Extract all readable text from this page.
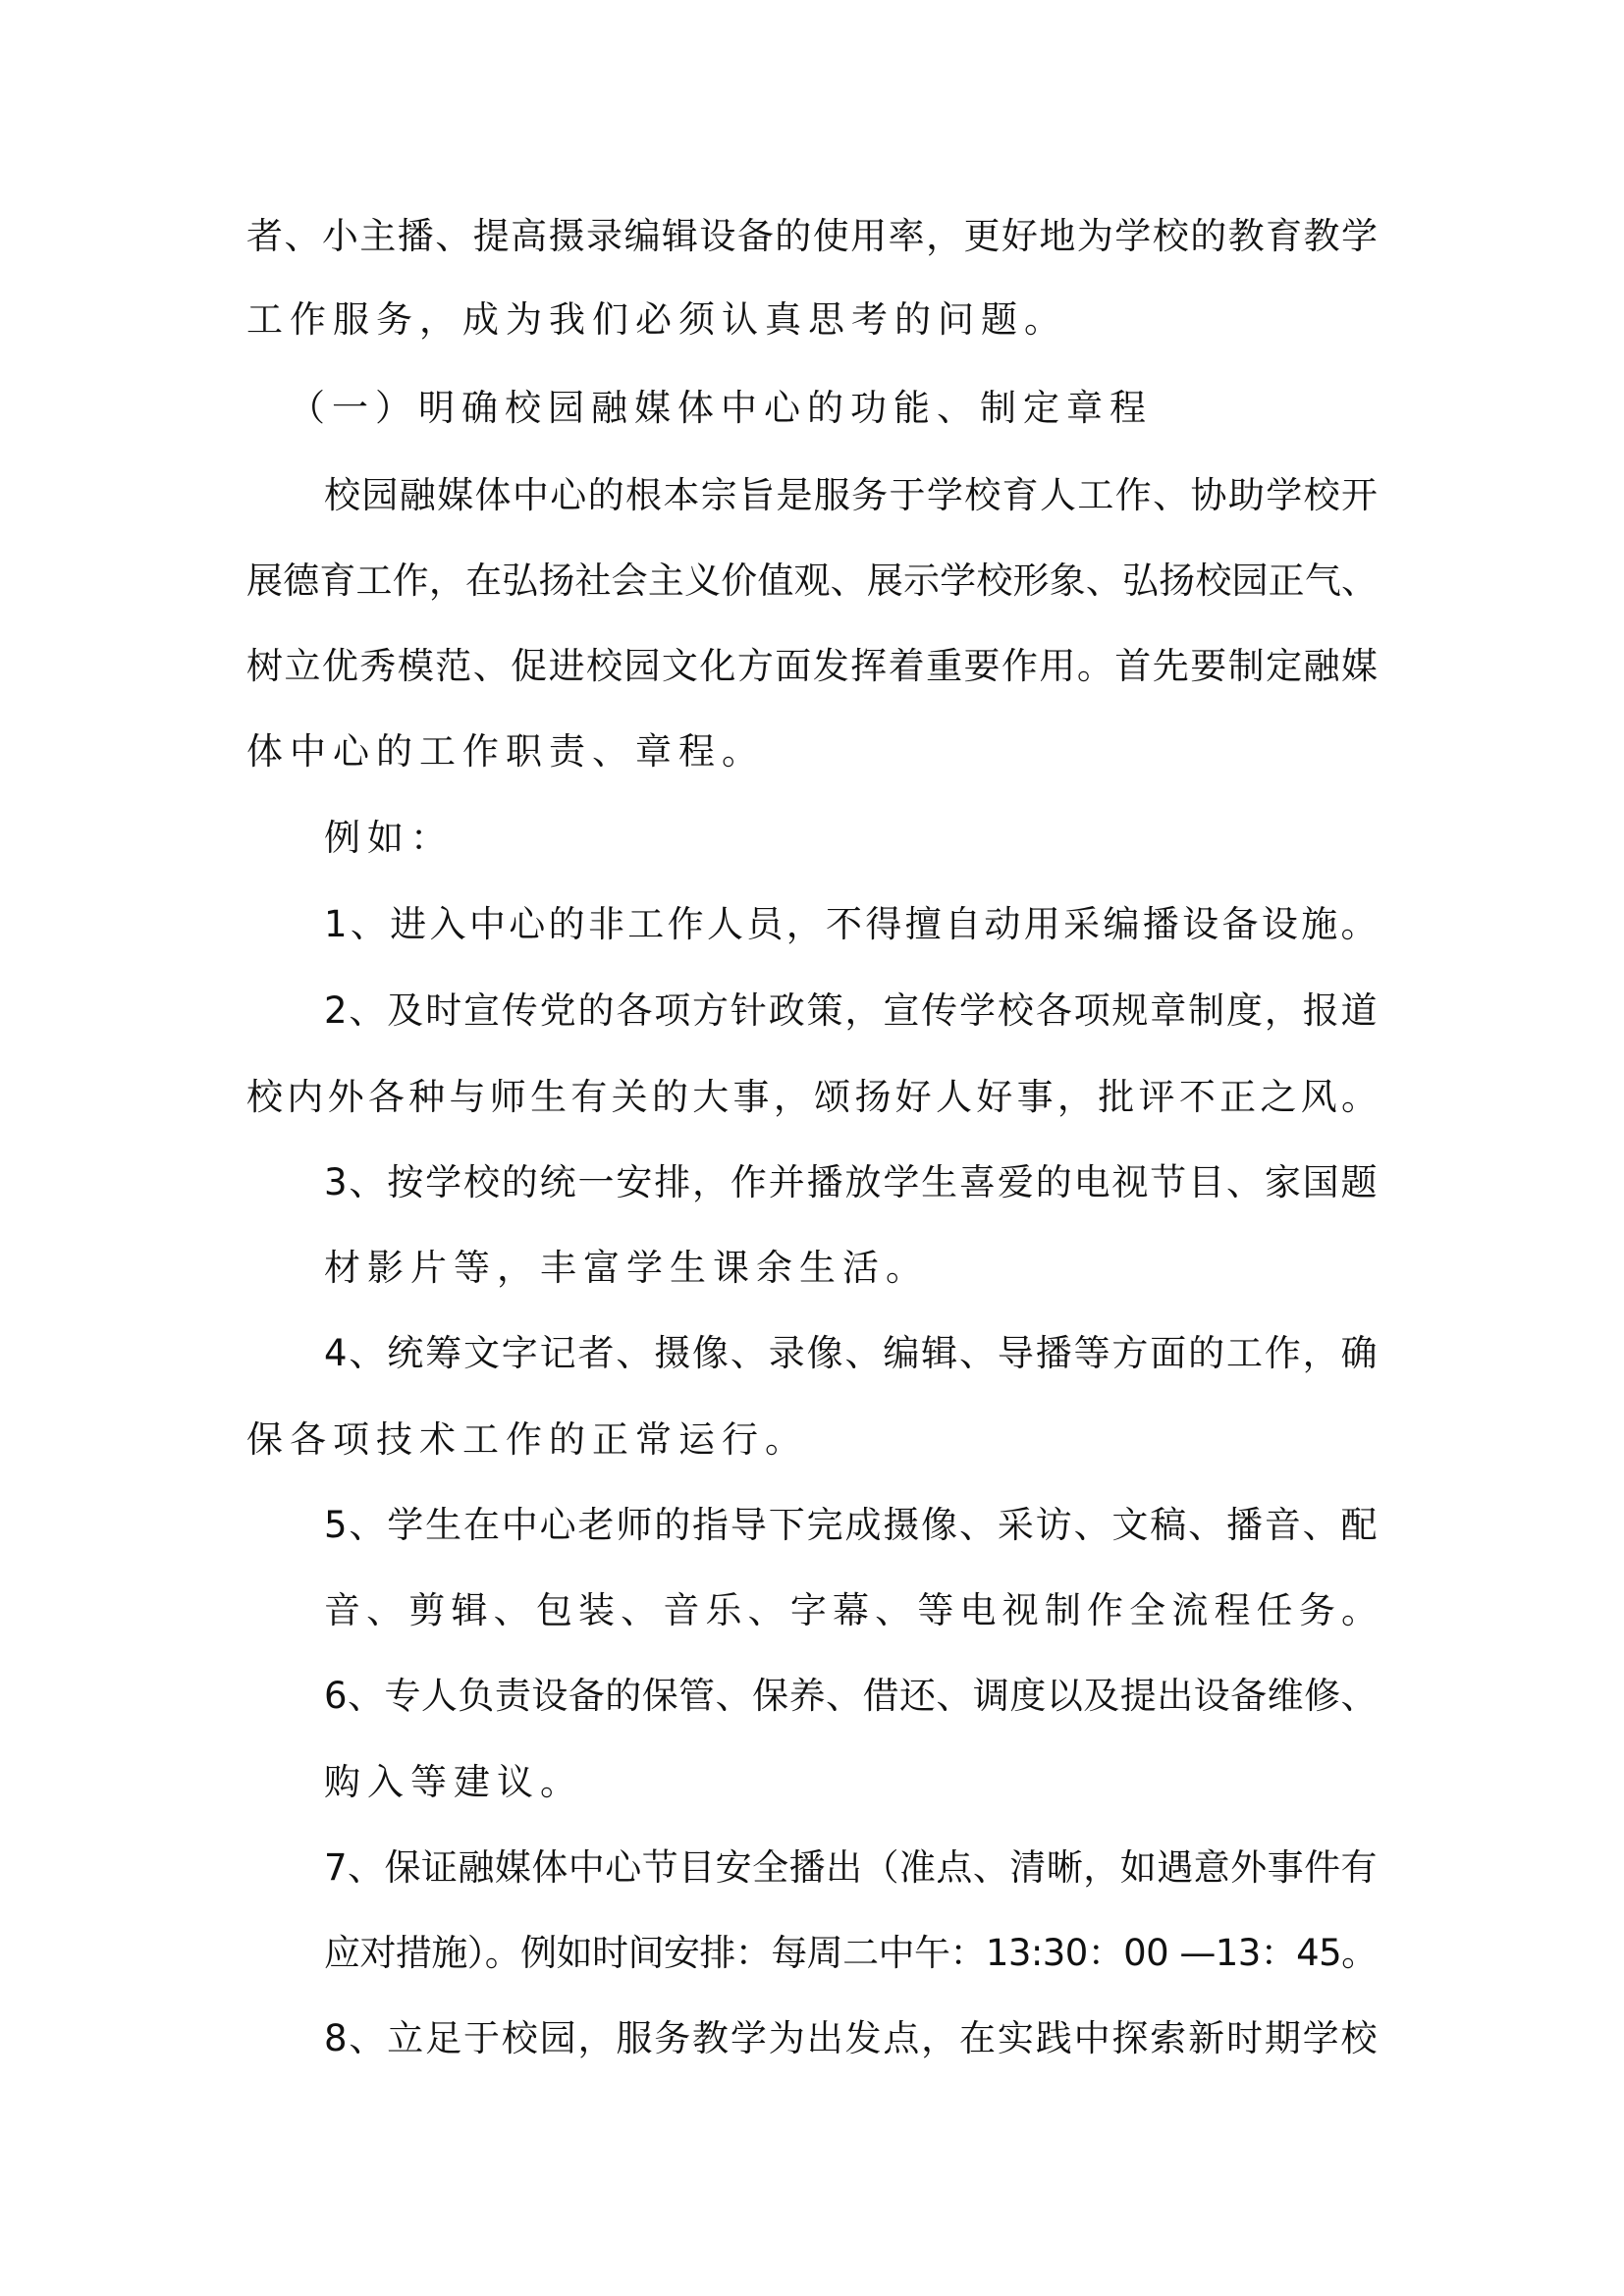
者、小主播、提高摄录编辑设备的使用率，更好地为学校的教育教学

工作服务，成为我们必须认真思考的问题。

（一）明确校园融媒体中心的功能、制定章程

校园融媒体中心的根本宗旨是服务于学校育人工作、协助学校开

展德育工作，在弘扬社会主义价值观、展示学校形象、弘扬校园正气、

树立优秀模范、促进校园文化方面发挥着重要作用。首先要制定融媒

体中心的工作职责、章程。

例如：

1、进入中心的非工作人员，不得擅自动用采编播设备设施。

2、及时宣传党的各项方针政策，宣传学校各项规章制度，报道

校内外各种与师生有关的大事，颂扬好人好事，批评不正之风。

3、按学校的统一安排，作并播放学生喜爱的电视节目、家国题

材影片等，丰富学生课余生活。

4、统筹文字记者、摄像、录像、编辑、导播等方面的工作，确

保各项技术工作的正常运行。

5、学生在中心老师的指导下完成摄像、采访、文稿、播音、配

音、剪辑、包装、音乐、字幕、等电视制作全流程任务。

6、专人负责设备的保管、保养、借还、调度以及提出设备维修、

购入等建议。

7、保证融媒体中心节目安全播出（准点、清晰，如遇意外事件有

应对措施）。例如时间安排：每周二中午：13:30：00 —13：45。

8、立足于校园，服务教学为出发点，在实践中探索新时期学校
